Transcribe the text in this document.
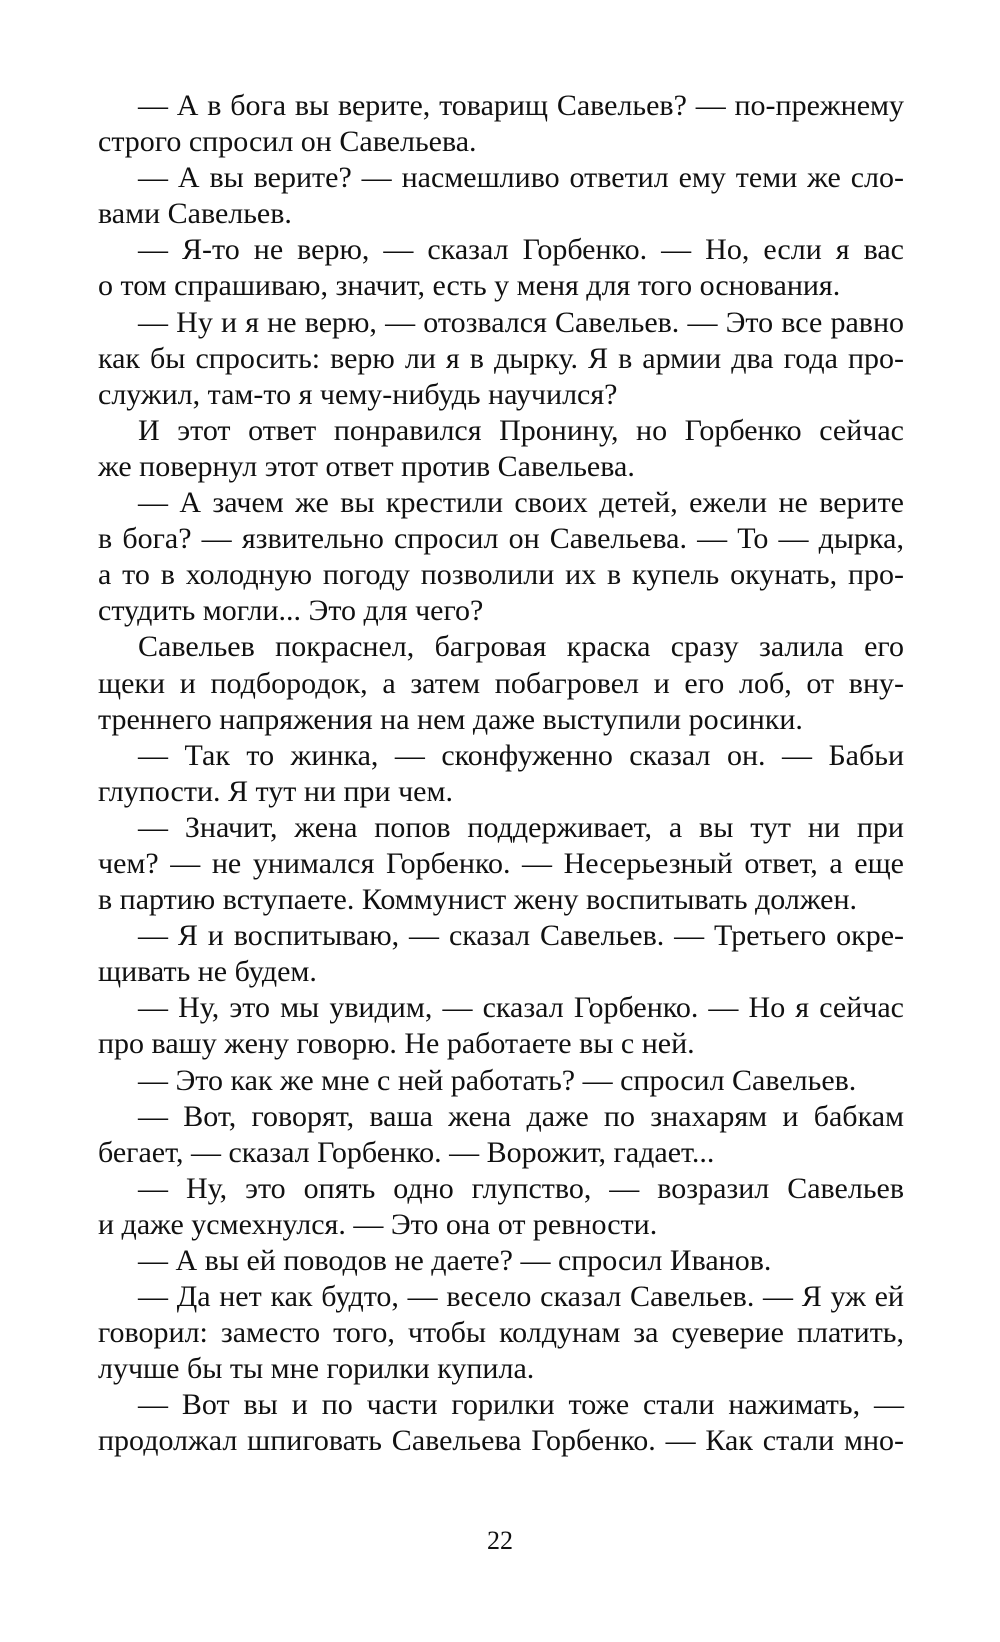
— А в бога вы верите, товарищ Савельев? — по-прежнему
строго спросил он Савельева.
— А вы верите? — насмешливо ответил ему теми же сло-
вами Савельев.
— Я-то не верю, — сказал Горбенко. — Но, если я вас
о том спрашиваю, значит, есть у меня для того основания.
— Ну и я не верю, — отозвался Савельев. — Это все равно
как бы спросить: верю ли я в дырку. Я в армии два года про-
служил, там-то я чему-нибудь научился?
И этот ответ понравился Пронину, но Горбенко сейчас
же повернул этот ответ против Савельева.
— А зачем же вы крестили своих детей, ежели не верите
в бога? — язвительно спросил он Савельева. — То — дырка,
а то в холодную погоду позволили их в купель окунать, про-
студить могли... Это для чего?
Савельев покраснел, багровая краска сразу залила его
щеки и подбородок, а затем побагровел и его лоб, от вну-
треннего напряжения на нем даже выступили росинки.
— Так то жинка, — сконфуженно сказал он. — Бабьи
глупости. Я тут ни при чем.
— Значит, жена попов поддерживает, а вы тут ни при
чем? — не унимался Горбенко. — Несерьезный ответ, а еще
в партию вступаете. Коммунист жену воспитывать должен.
— Я и воспитываю, — сказал Савельев. — Третьего окре-
щивать не будем.
— Ну, это мы увидим, — сказал Горбенко. — Но я сейчас
про вашу жену говорю. Не работаете вы с ней.
— Это как же мне с ней работать? — спросил Савельев.
— Вот, говорят, ваша жена даже по знахарям и бабкам
бегает, — сказал Горбенко. — Ворожит, гадает...
— Ну, это опять одно глупство, — возразил Савельев
и даже усмехнулся. — Это она от ревности.
— А вы ей поводов не даете? — спросил Иванов.
— Да нет как будто, — весело сказал Савельев. — Я уж ей
говорил: заместо того, чтобы колдунам за суеверие платить,
лучше бы ты мне горилки купила.
— Вот вы и по части горилки тоже стали нажимать, —
продолжал шпиговать Савельева Горбенко. — Как стали мно-
22
